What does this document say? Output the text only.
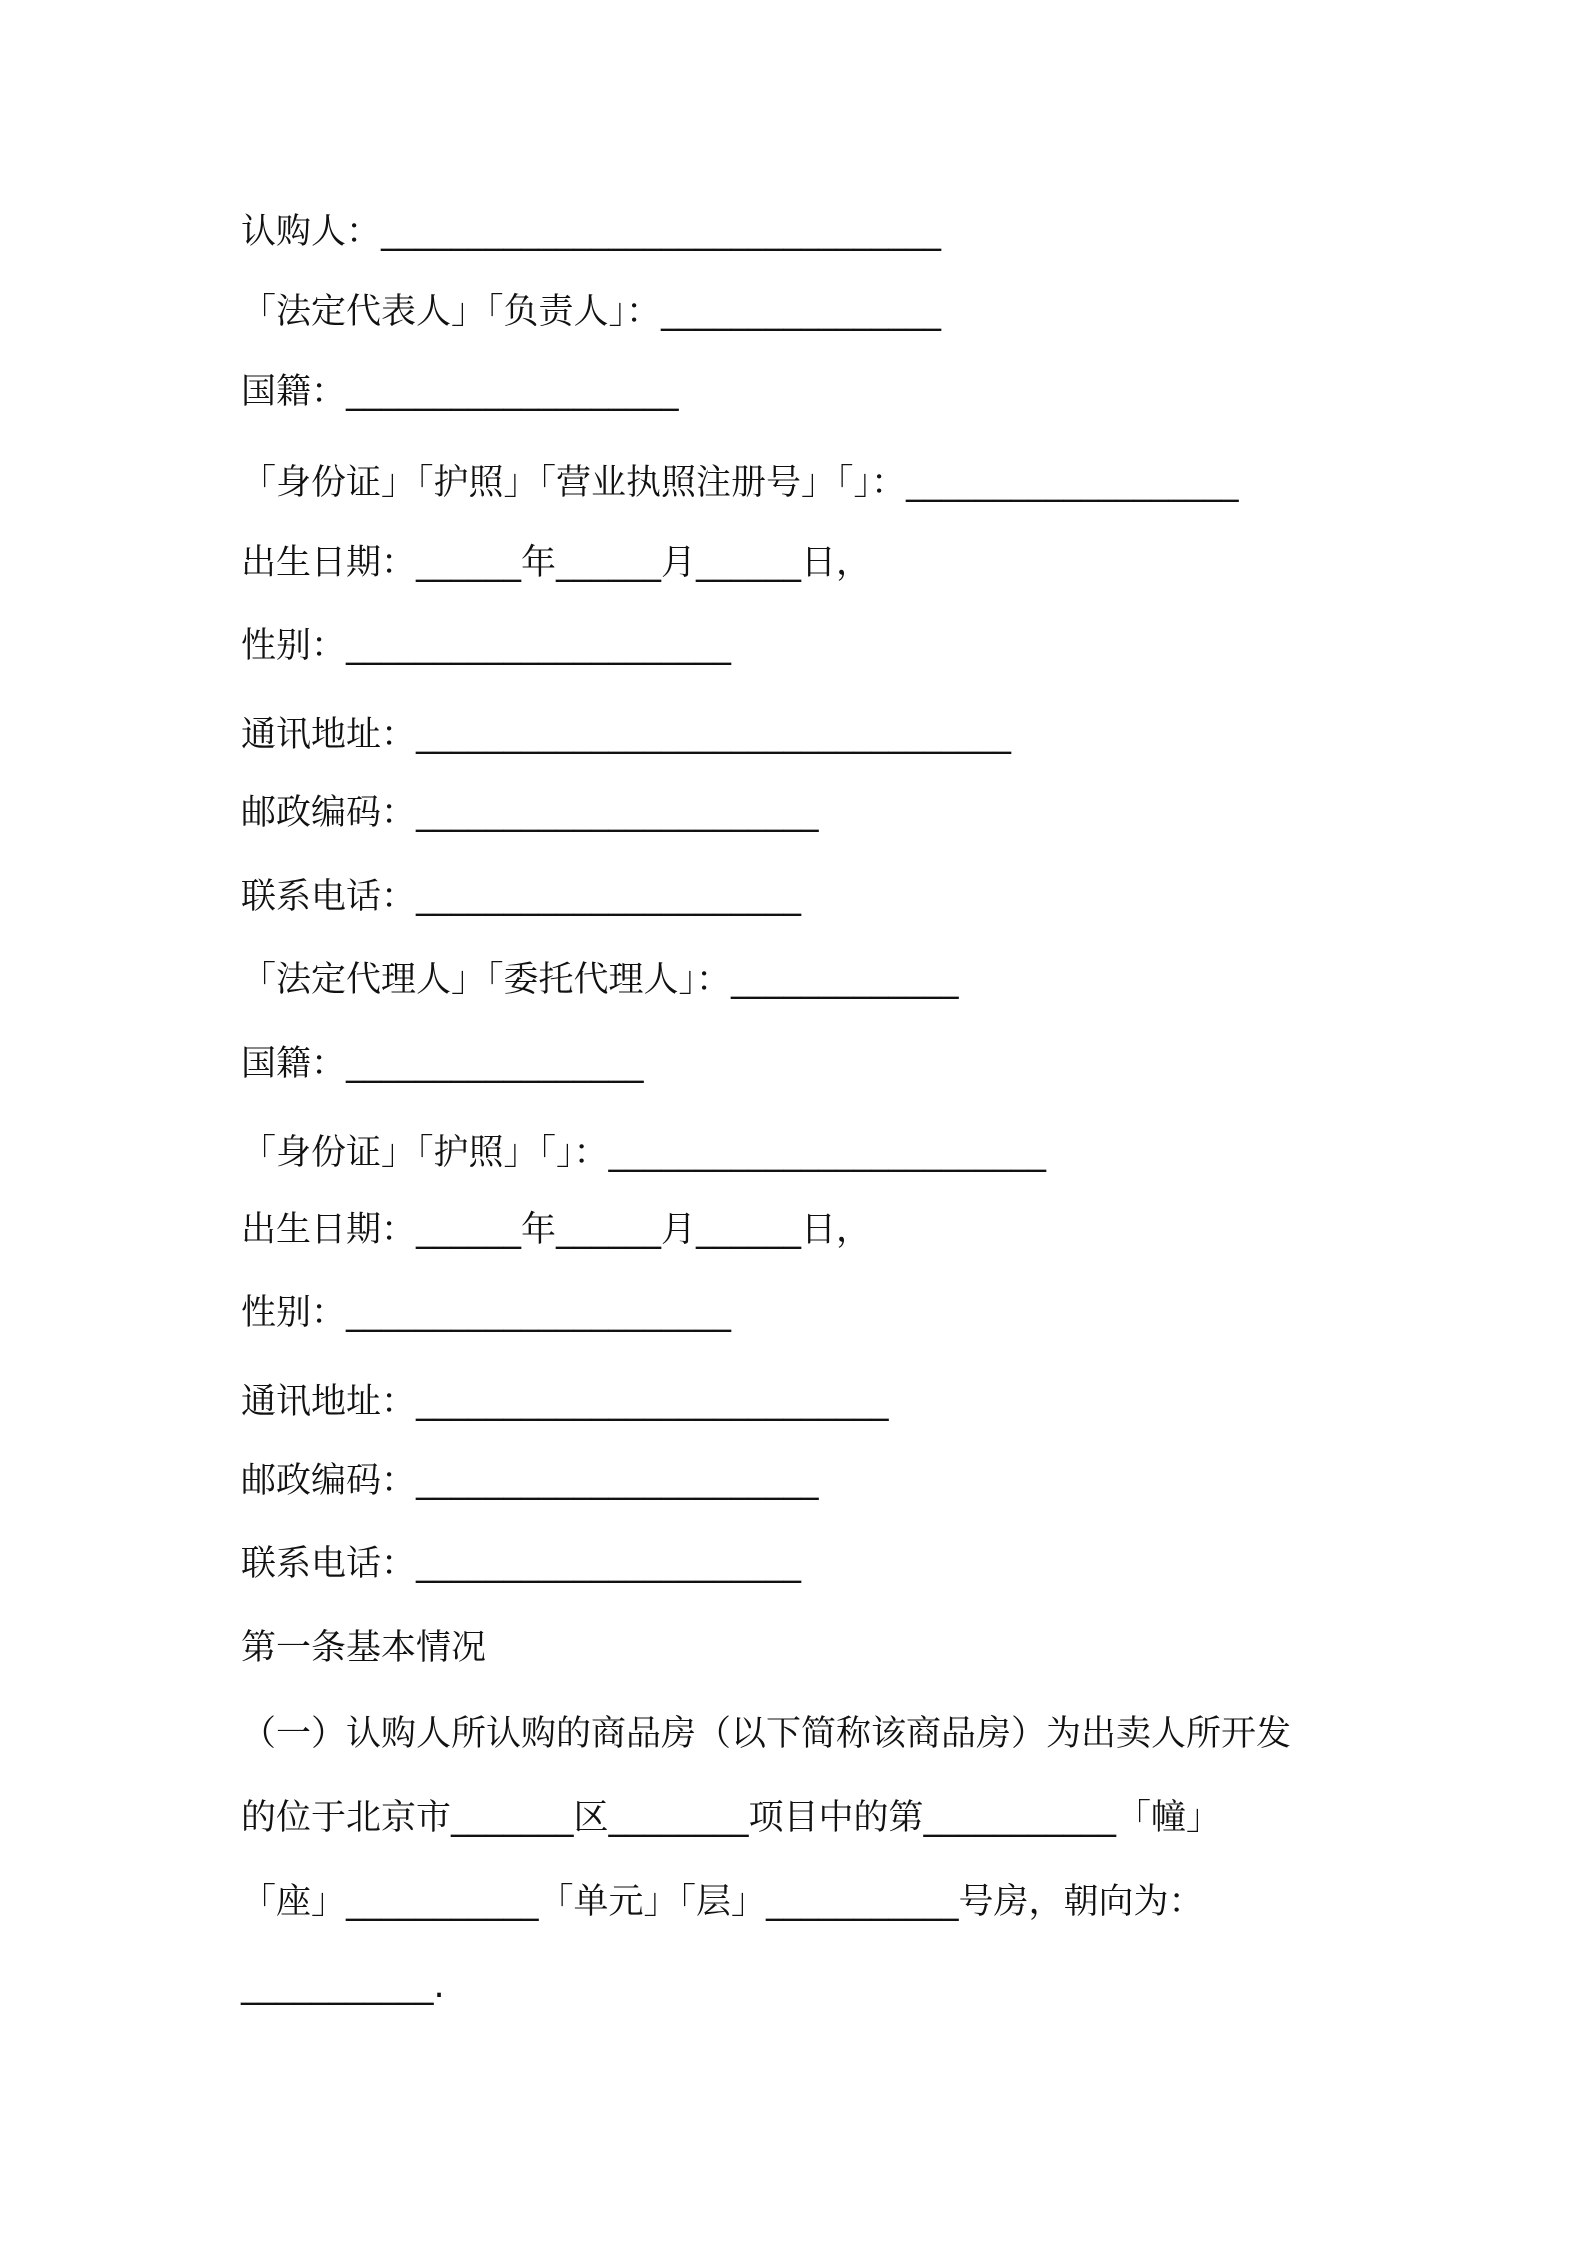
认购人：________________________________
「法定代表人」「负责人」：________________
国籍：___________________
「身份证」「护照」「营业执照注册号」「」：___________________
出生日期：______年______月______日，
性别：______________________
通讯地址：__________________________________
邮政编码：_______________________
联系电话：______________________
「法定代理人」「委托代理人」：_____________
国籍：_________________
「身份证」「护照」「」：_________________________
出生日期：______年______月______日，
性别：______________________
通讯地址：___________________________
邮政编码：_______________________
联系电话：______________________
第一条基本情况
（一）认购人所认购的商品房（以下简称该商品房）为出卖人所开发
的位于北京市_______区________项目中的第___________「幢」
「座」___________「单元」「层」___________号房，朝向为：
___________.
